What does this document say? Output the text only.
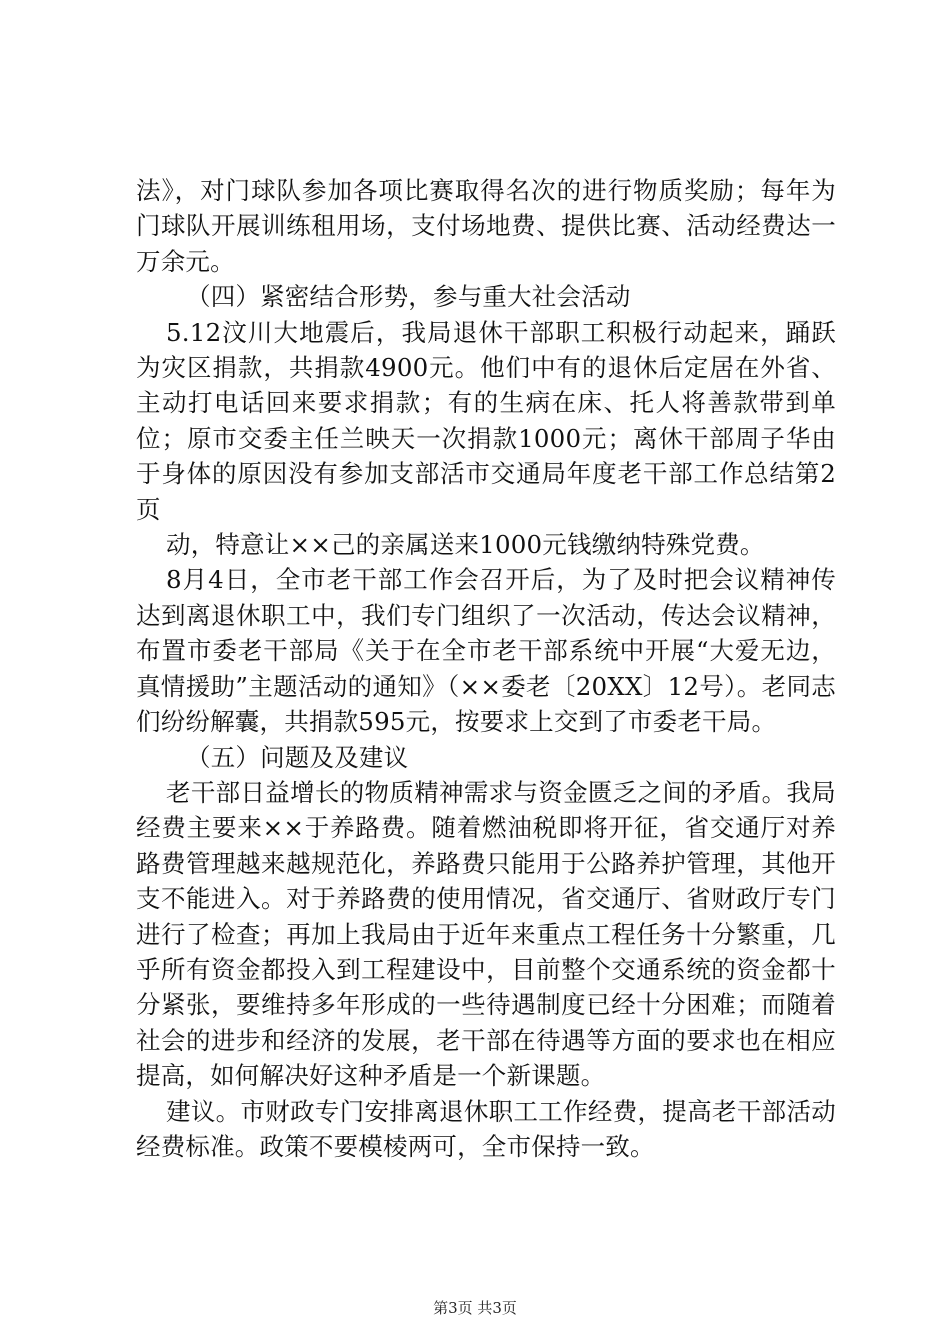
法》，对门球队参加各项比赛取得名次的进行物质奖励；每年为门球队开展训练租用场，支付场地费、提供比赛、活动经费达一万余元。

（四）紧密结合形势，参与重大社会活动

5.12汶川大地震后，我局退休干部职工积极行动起来，踊跃为灾区捐款，共捐款4900元。他们中有的退休后定居在外省、主动打电话回来要求捐款；有的生病在床、托人将善款带到单位；原市交委主任兰映天一次捐款1000元；离休干部周子华由于身体的原因没有参加支部活市交通局年度老干部工作总结第2页

动，特意让××己的亲属送来1000元钱缴纳特殊党费。

8月4日，全市老干部工作会召开后，为了及时把会议精神传达到离退休职工中，我们专门组织了一次活动，传达会议精神，布置市委老干部局《关于在全市老干部系统中开展“大爱无边，真情援助”主题活动的通知》（××委老〔20XX〕12号）。老同志们纷纷解囊，共捐款595元，按要求上交到了市委老干局。

（五）问题及及建议

老干部日益增长的物质精神需求与资金匮乏之间的矛盾。我局经费主要来××于养路费。随着燃油税即将开征，省交通厅对养路费管理越来越规范化，养路费只能用于公路养护管理，其他开支不能进入。对于养路费的使用情况，省交通厅、省财政厅专门进行了检查；再加上我局由于近年来重点工程任务十分繁重，几乎所有资金都投入到工程建设中，目前整个交通系统的资金都十分紧张，要维持多年形成的一些待遇制度已经十分困难；而随着社会的进步和经济的发展，老干部在待遇等方面的要求也在相应提高，如何解决好这种矛盾是一个新课题。

建议。市财政专门安排离退休职工工作经费，提高老干部活动经费标准。政策不要模棱两可，全市保持一致。

第3页 共3页
